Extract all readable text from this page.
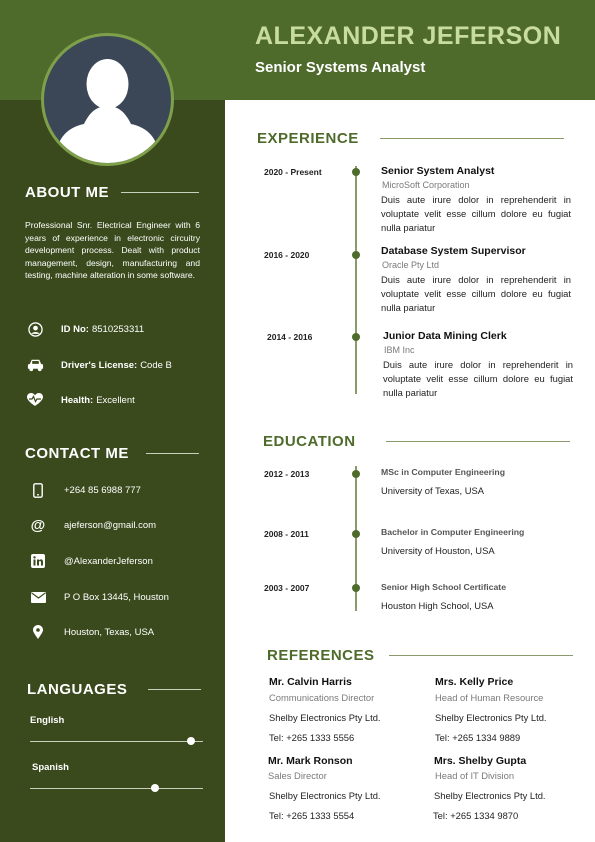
ALEXANDER JEFERSON
Senior Systems Analyst
ABOUT ME
Professional Snr. Electrical Engineer with 6 years of experience in electronic circuitry development process. Dealt with product management, design, manufacturing and testing, machine alteration in some software.
ID No: 8510253311
Driver's License: Code B
Health: Excellent
CONTACT ME
+264 85 6988 777
@ ajeferson@gmail.com
@AlexanderJeferson
P O Box 13445, Houston
Houston, Texas, USA
LANGUAGES
English
Spanish
EXPERIENCE
2020 - Present	Senior System Analyst
MicroSoft Corporation
Duis aute irure dolor in reprehenderit in voluptate velit esse cillum dolore eu fugiat nulla pariatur
2016 - 2020	Database System Supervisor
Oracle Pty Ltd
Duis aute irure dolor in reprehenderit in voluptate velit esse cillum dolore eu fugiat nulla pariatur
2014 - 2016	Junior Data Mining Clerk
IBM Inc
Duis aute irure dolor in reprehenderit in voluptate velit esse cillum dolore eu fugiat nulla pariatur
EDUCATION
2012 - 2013	MSc in Computer Engineering
University of Texas, USA
2008 - 2011	Bachelor in Computer Engineering
University of Houston, USA
2003 - 2007	Senior High School Certificate
Houston High School, USA
REFERENCES
Mr. Calvin Harris
Communications Director
Shelby Electronics Pty Ltd.
Tel: +265 1333 5556
Mrs. Kelly Price
Head of Human Resource
Shelby Electronics Pty Ltd.
Tel: +265 1334 9889
Mr. Mark Ronson
Sales Director
Shelby Electronics Pty Ltd.
Tel: +265 1333 5554
Mrs. Shelby Gupta
Head of IT Division
Shelby Electronics Pty Ltd.
Tel: +265 1334 9870
